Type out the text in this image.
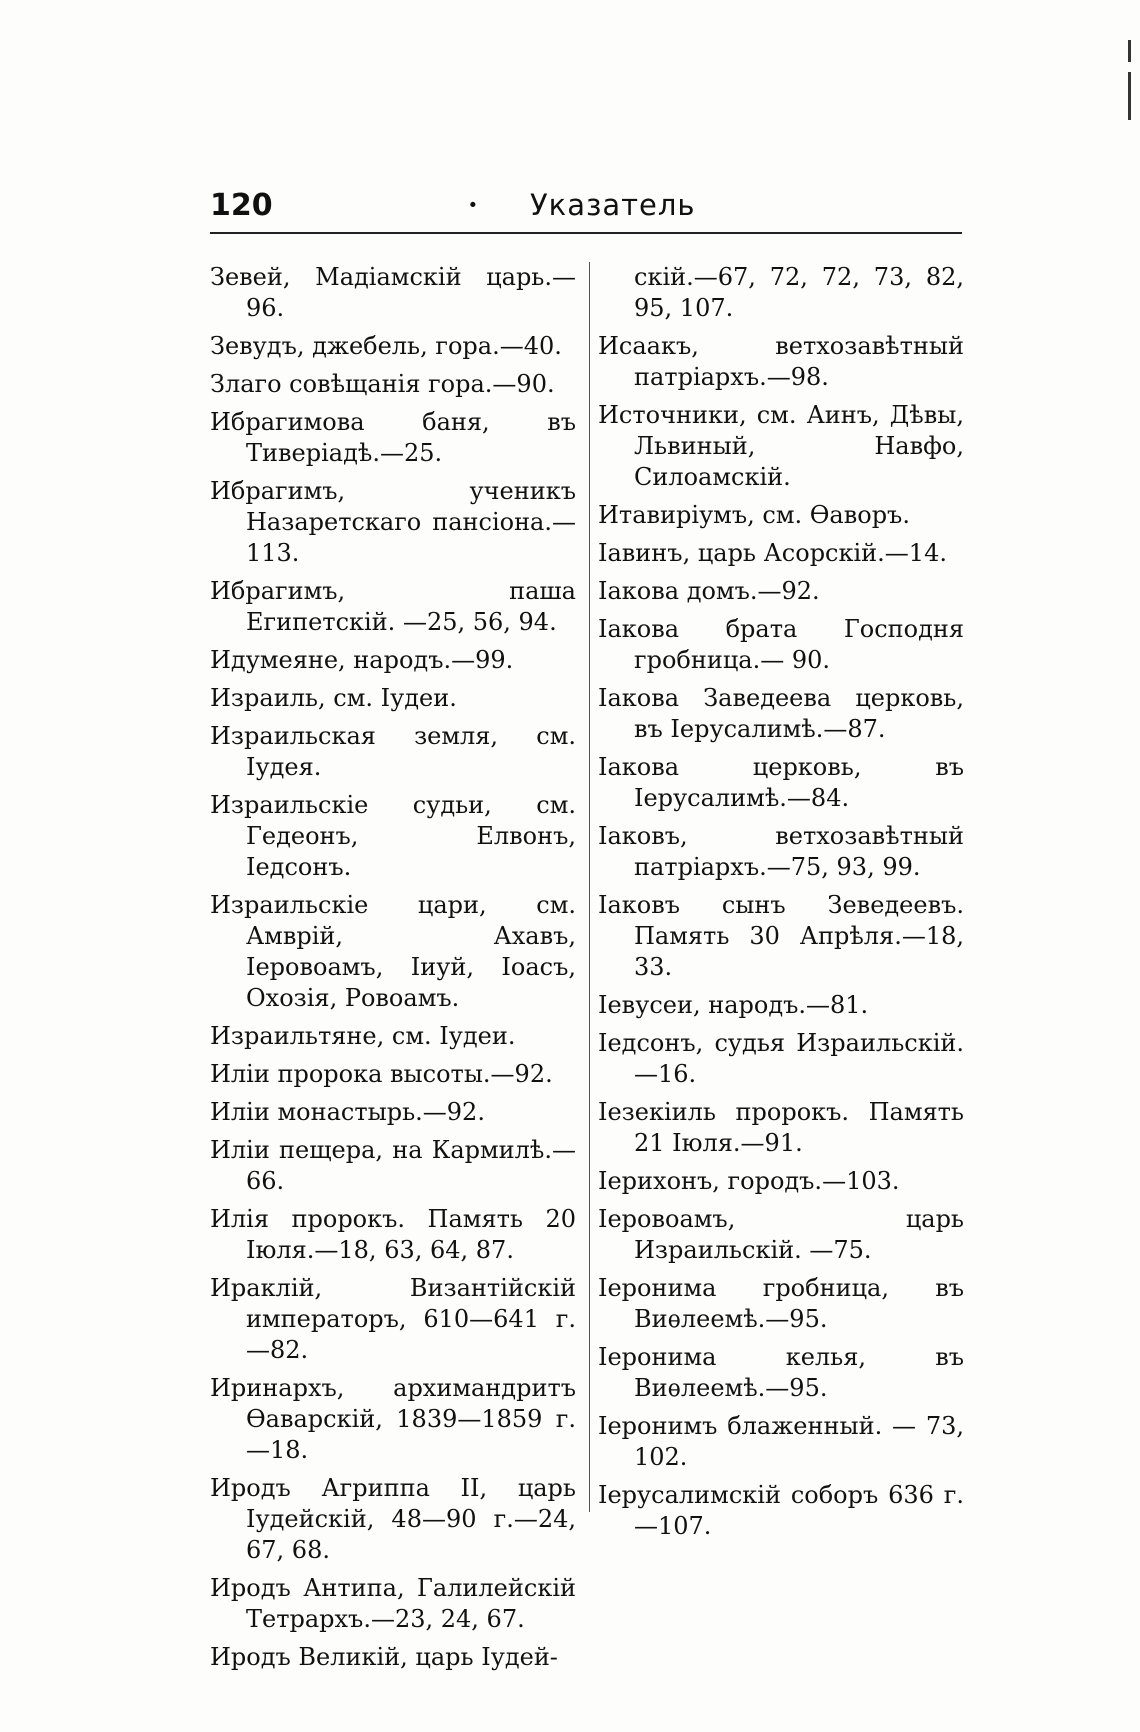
120	· Указатель
Зевей, Мадіамскій царь.—96.
Зевудъ, джебель, гора.—40.
Злаго совѣщанія гора.—90.
Ибрагимова баня, въ Тиверіадѣ.—25.
Ибрагимъ, ученикъ Назаретскаго пансіона.—113.
Ибрагимъ, паша Египетскій. —25, 56, 94.
Идумеяне, народъ.—99.
Израиль, см. Іудеи.
Израильская земля, см. Іудея.
Израильскіе судьи, см. Гедеонъ, Елвонъ, Іедсонъ.
Израильскіе цари, см. Амврій, Ахавъ, Іеровоамъ, Іиуй, Іоасъ, Охозія, Ровоамъ.
Израильтяне, см. Іудеи.
Иліи пророка высоты.—92.
Иліи монастырь.—92.
Иліи пещера, на Кармилѣ.— 66.
Илія пророкъ. Память 20 Іюля.—18, 63, 64, 87.
Ираклій, Византійскій императоръ, 610—641 г.—82.
Иринархъ, архимандритъ Ѳаварскій, 1839—1859 г.—18.
Иродъ Агриппа II, царь Іудейскій, 48—90 г.—24, 67, 68.
Иродъ Антипа, Галилейскій Тетрархъ.—23, 24, 67.
Иродъ Великій, царь Іудей-
скій.—67, 72, 72, 73, 82, 95, 107.
Исаакъ, ветхозавѣтный патріархъ.—98.
Источники, см. Аинъ, Дѣвы, Львиный, Навфо, Силоамскій.
Итавиріумъ, см. Ѳаворъ.
Іавинъ, царь Асорскій.—14.
Іакова домъ.—92.
Іакова брата Господня гробница.— 90.
Іакова Заведеева церковь, въ Іерусалимѣ.—87.
Іакова церковь, въ Іерусалимѣ.—84.
Іаковъ, ветхозавѣтный патріархъ.—75, 93, 99.
Іаковъ сынъ Зеведеевъ. Память 30 Апрѣля.—18, 33.
Іевусеи, народъ.—81.
Іедсонъ, судья Израильскій. —16.
Іезекіиль пророкъ. Память 21 Іюля.—91.
Іерихонъ, городъ.—103.
Іеровоамъ, царь Израильскій. —75.
Іеронима гробница, въ Виѳлеемѣ.—95.
Іеронима келья, въ Виѳлеемѣ.—95.
Іеронимъ блаженный. — 73, 102.
Іерусалимскій соборъ 636 г. —107.
